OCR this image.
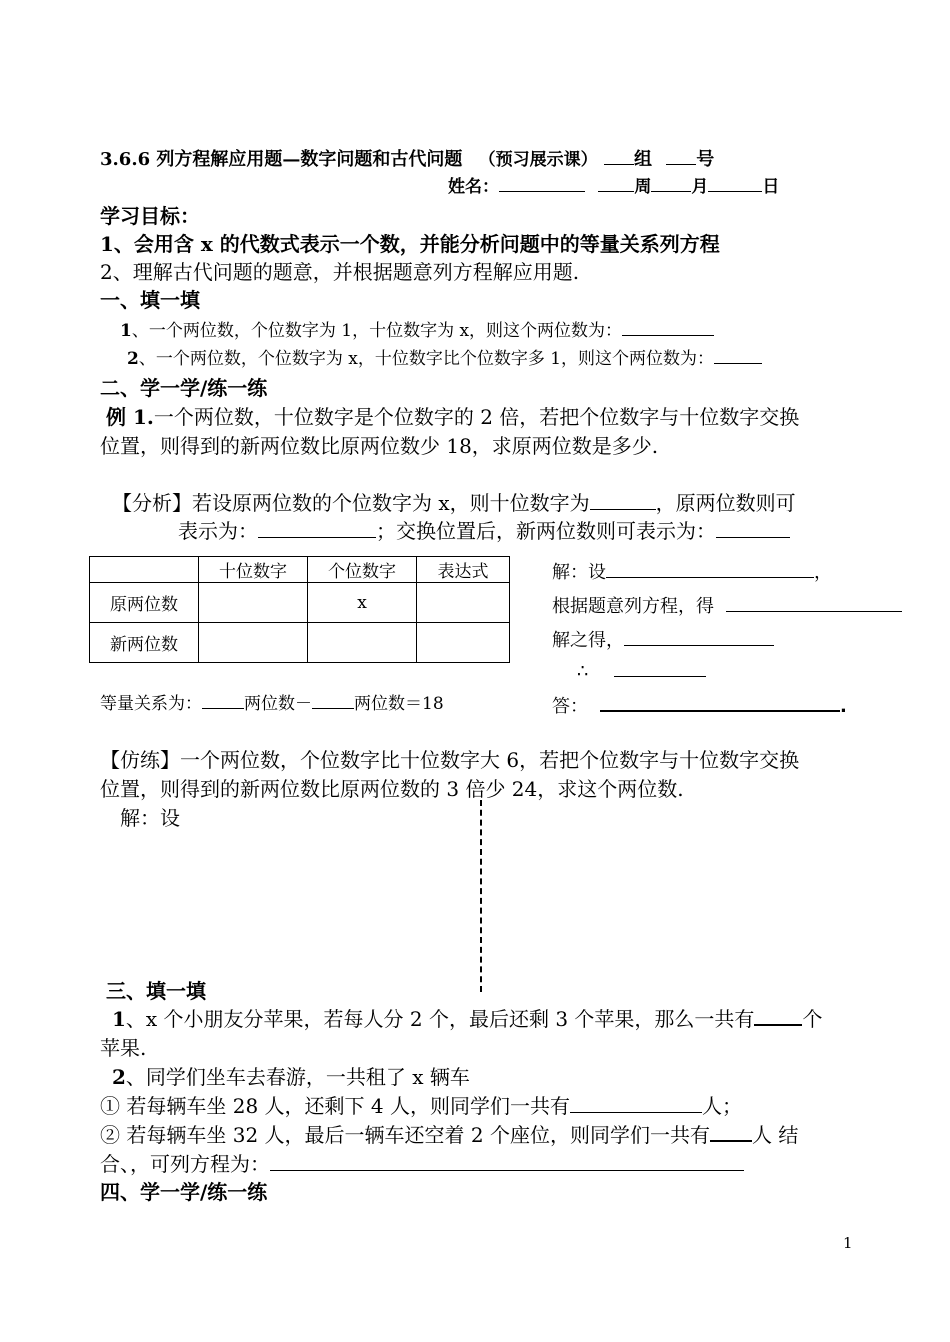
3.6.6 列方程解应用题—数字问题和古代问题 （预习展示课） 组 号
姓名：	周 月	日
学习目标：
1、会用含 x 的代数式表示一个数，并能分析问题中的等量关系列方程
2、理解古代问题的题意，并根据题意列方程解应用题.
一、填一填
1、一个两位数，个位数字为 1，十位数字为 x，则这个两位数为：
2、一个两位数，个位数字为 x，十位数字比个位数字多 1，则这个两位数为：
二、学一学/练一练
例 1.一个两位数，十位数字是个位数字的 2 倍，若把个位数字与十位数字交换
位置，则得到的新两位数比原两位数少 18，求原两位数是多少.
【分析】若设原两位数的个位数字为 x，则十位数字为	，原两位数则可
表示为：	；交换位置后，新两位数则可表示为：
	十位数字	个位数字	表达式
原两位数		x	
新两位数			
等量关系为： 两位数－ 两位数＝18
解：设	，
根据题意列方程，得
解之得，
∴
答：	.
【仿练】一个两位数，个位数字比十位数字大 6，若把个位数字与十位数字交换
位置，则得到的新两位数比原两位数的 3 倍少 24，求这个两位数.
解：设
三、填一填
1、x 个小朋友分苹果，若每人分 2 个，最后还剩 3 个苹果，那么一共有 个
苹果.
2、同学们坐车去春游，一共租了 x 辆车
① 若每辆车坐 28 人，还剩下 4 人，则同学们一共有	人；
② 若每辆车坐 32 人，最后一辆车还空着 2 个座位，则同学们一共有 人 结
合、，可列方程为：
四、学一学/练一练
1
